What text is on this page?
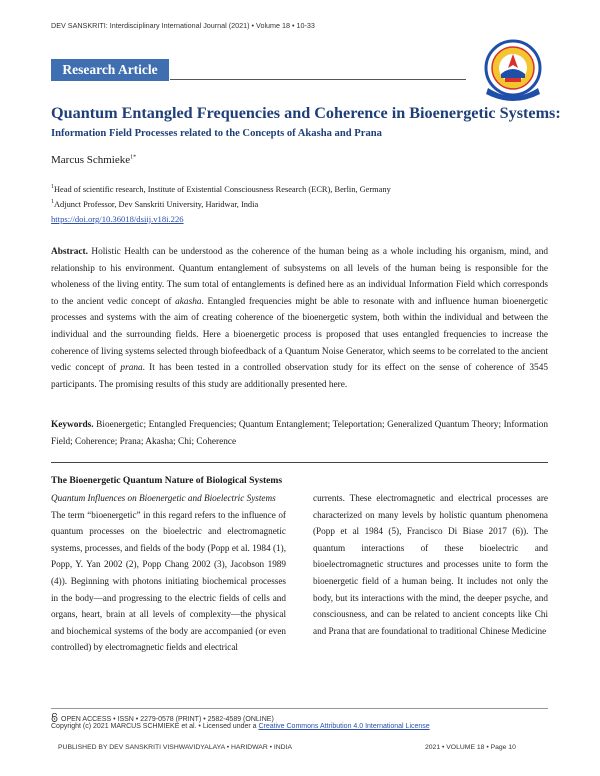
DEV SANSKRITI: Interdisciplinary International Journal (2021) • Volume 18 • 10-33
Research Article
Quantum Entangled Frequencies and Coherence in Bioenergetic Systems:
Information Field Processes related to the Concepts of Akasha and Prana
Marcus Schmieke$^{1*}$
$^1$Head of scientific research, Institute of Existential Consciousness Research (ECR), Berlin, Germany
$^1$Adjunct Professor, Dev Sanskriti University, Haridwar, India
https://doi.org/10.36018/dsiij.v18i.226
Abstract. Holistic Health can be understood as the coherence of the human being as a whole including his organism, mind, and relationship to his environment. Quantum entanglement of subsystems on all levels of the human being is responsible for the wholeness of the living entity. The sum total of entanglements is defined here as an individual Information Field which corresponds to the ancient vedic concept of akasha. Entangled frequencies might be able to resonate with and influence human bioenergetic processes and systems with the aim of creating coherence of the bioenergetic system, both within the individual and between the individual and the surrounding fields. Here a bioenergetic process is proposed that uses entangled frequencies to increase the coherence of living systems selected through biofeedback of a Quantum Noise Generator, which seems to be correlated to the ancient vedic concept of prana. It has been tested in a controlled observation study for its effect on the sense of coherence of 3545 participants. The promising results of this study are additionally presented here.
Keywords. Bioenergetic; Entangled Frequencies; Quantum Entanglement; Teleportation; Generalized Quantum Theory; Information Field; Coherence; Prana; Akasha; Chi; Coherence
The Bioenergetic Quantum Nature of Biological Systems
Quantum Influences on Bioenergetic and Bioelectric Systems
The term “bioenergetic” in this regard refers to the influence of quantum processes on the bioelectric and electromagnetic systems, processes, and fields of the body (Popp et al. 1984 (1), Popp, Y. Yan 2002 (2), Popp Chang 2002 (3), Jacobson 1989 (4)). Beginning with photons initiating biochemical processes in the body—and progressing to the electric fields of cells and organs, heart, brain at all levels of complexity—the physical and biochemical systems of the body are accompanied (or even controlled) by electromagnetic fields and electrical
currents. These electromagnetic and electrical processes are characterized on many levels by holistic quantum phenomena (Popp et al 1984 (5), Francisco Di Biase 2017 (6)). The quantum interactions of these bioelectric and bioelectromagnetic structures and processes unite to form the bioenergetic field of a human being. It includes not only the body, but its interactions with the mind, the deeper psyche, and consciousness, and can be related to ancient concepts like Chi and Prana that are foundational to traditional Chinese Medicine
OPEN ACCESS • ISSN • 2279-0578 (PRINT) • 2582-4589 (ONLINE)
Copyright (c) 2021 MARCUS SCHMIEKE et al. • Licensed under a Creative Commons Attribution 4.0 International License
PUBLISHED BY DEV SANSKRITI VISHWAVIDYALAYA • HARIDWAR • INDIA	2021 • VOLUME 18 • Page 10
